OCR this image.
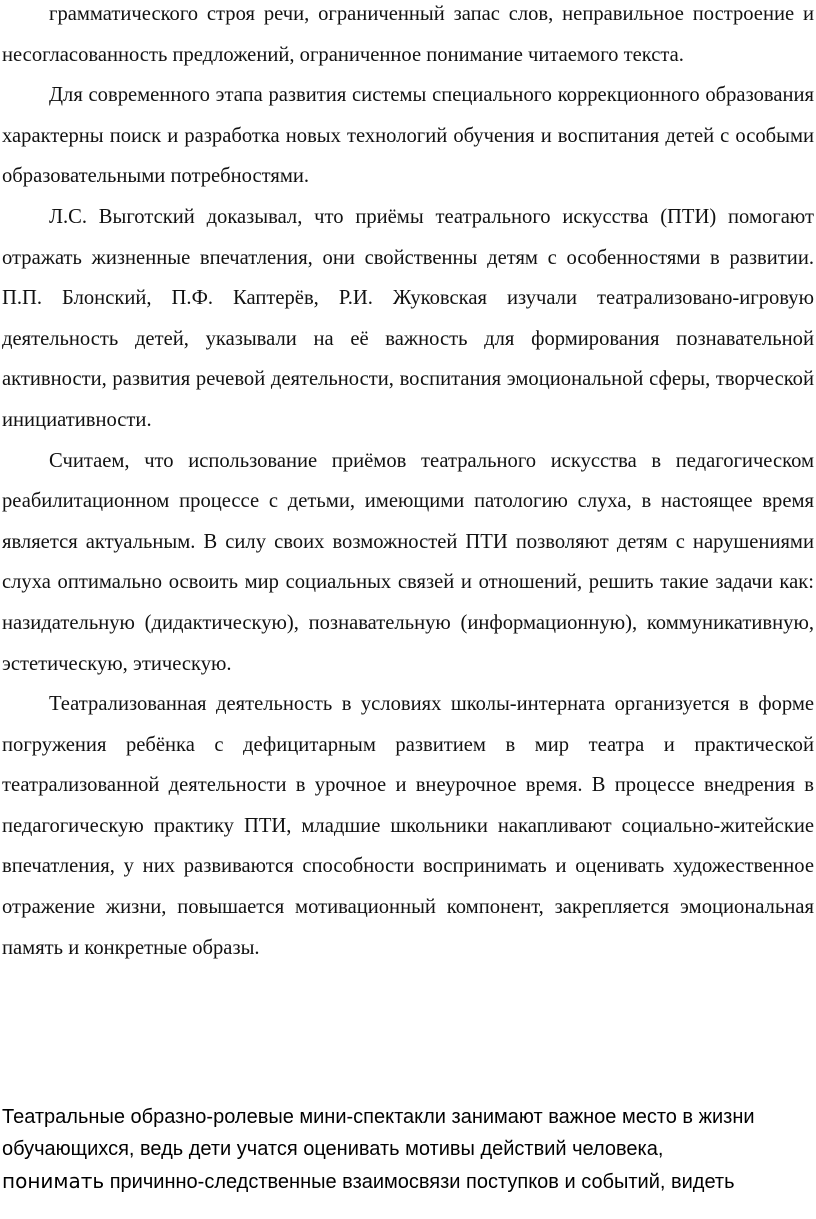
грамматического строя речи, ограниченный запас слов, неправильное построение и несогласованность предложений, ограниченное понимание читаемого текста.

Для современного этапа развития системы специального коррекционного образования характерны поиск и разработка новых технологий обучения и воспитания детей с особыми образовательными потребностями.

Л.С. Выготский доказывал, что приёмы театрального искусства (ПТИ) помогают отражать жизненные впечатления, они свойственны детям с особенностями в развитии. П.П. Блонский, П.Ф. Каптерёв, Р.И. Жуковская изучали театрализовано-игровую деятельность детей, указывали на её важность для формирования познавательной активности, развития речевой деятельности, воспитания эмоциональной сферы, творческой инициативности.

Считаем, что использование приёмов театрального искусства в педагогическом реабилитационном процессе с детьми, имеющими патологию слуха, в настоящее время является актуальным. В силу своих возможностей ПТИ позволяют детям с нарушениями слуха оптимально освоить мир социальных связей и отношений, решить такие задачи как: назидательную (дидактическую), познавательную (информационную), коммуникативную, эстетическую, этическую.

Театрализованная деятельность в условиях школы-интерната организуется в форме погружения ребёнка с дефицитарным развитием в мир театра и практической театрализованной деятельности в урочное и внеурочное время. В процессе внедрения в педагогическую практику ПТИ, младшие школьники накапливают социально-житейские впечатления, у них развиваются способности воспринимать и оценивать художественное отражение жизни, повышается мотивационный компонент, закрепляется эмоциональная память и конкретные образы.

Театральные образно-ролевые мини-спектакли занимают важное место в жизни

обучающихся, ведь дети учатся оценивать мотивы действий человека,

понимать причинно-следственные взаимосвязи поступков и событий, видеть
